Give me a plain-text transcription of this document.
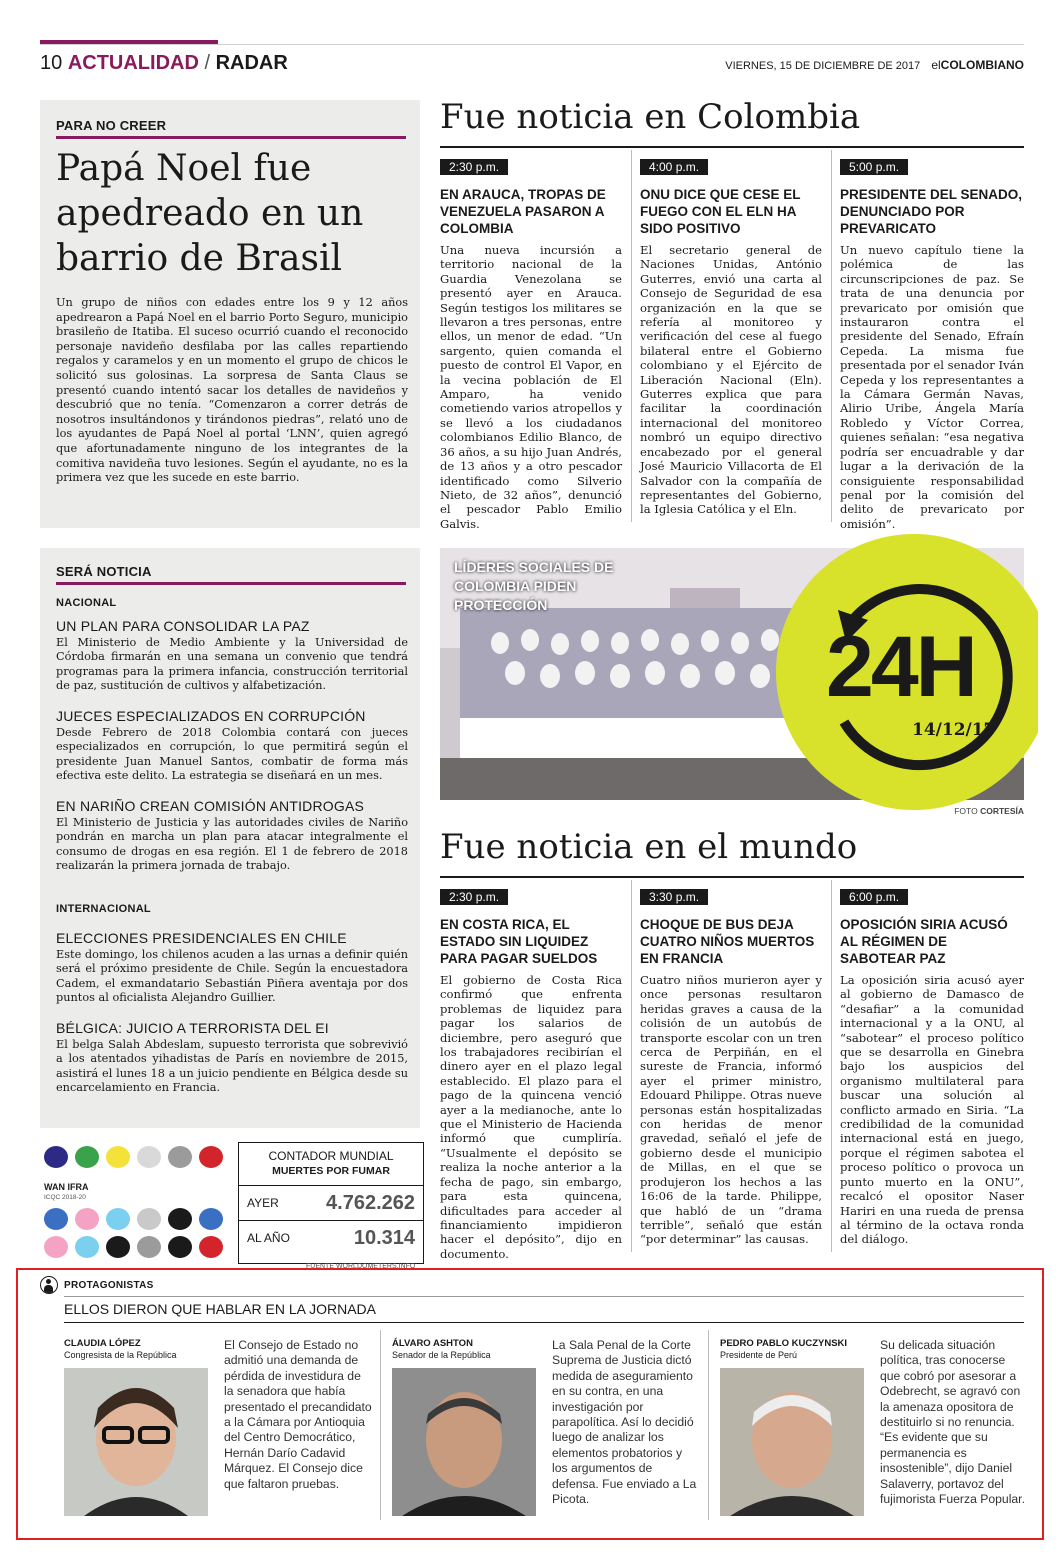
10 ACTUALIDAD / RADAR	VIERNES, 15 DE DICIEMBRE DE 2017 elCOLOMBIANO
PARA NO CREER
Papá Noel fue apedreado en un barrio de Brasil
Un grupo de niños con edades entre los 9 y 12 años apedrearon a Papá Noel en el barrio Porto Seguro, municipio brasileño de Itatiba. El suceso ocurrió cuando el reconocido personaje navideño desfilaba por las calles repartiendo regalos y caramelos y en un momento el grupo de chicos le solicitó sus golosinas. La sorpresa de Santa Claus se presentó cuando intentó sacar los detalles de navideños y descubrió que no tenía. “Comenzaron a correr detrás de nosotros insultándonos y tirándonos piedras”, relató uno de los ayudantes de Papá Noel al portal ‘LNN’, quien agregó que afortunadamente ninguno de los integrantes de la comitiva navideña tuvo lesiones. Según el ayudante, no es la primera vez que les sucede en este barrio.
Fue noticia en Colombia
2:30 p.m.
EN ARAUCA, TROPAS DE VENEZUELA PASARON A COLOMBIA
Una nueva incursión a territorio nacional de la Guardia Venezolana se presentó ayer en Arauca. Según testigos los militares se llevaron a tres personas, entre ellos, un menor de edad. “Un sargento, quien comanda el puesto de control El Vapor, en la vecina población de El Amparo, ha venido cometiendo varios atropellos y se llevó a los ciudadanos colombianos Edilio Blanco, de 36 años, a su hijo Juan Andrés, de 13 años y a otro pescador identificado como Silverio Nieto, de 32 años”, denunció el pescador Pablo Emilio Galvis.
4:00 p.m.
ONU DICE QUE CESE EL FUEGO CON EL ELN HA SIDO POSITIVO
El secretario general de Naciones Unidas, António Guterres, envió una carta al Consejo de Seguridad de esa organización en la que se refería al monitoreo y verificación del cese al fuego bilateral entre el Gobierno colombiano y el Ejército de Liberación Nacional (Eln). Guterres explica que para facilitar la coordinación internacional del monitoreo nombró un equipo directivo encabezado por el general José Mauricio Villacorta de El Salvador con la compañía de representantes del Gobierno, la Iglesia Católica y el Eln.
5:00 p.m.
PRESIDENTE DEL SENADO, DENUNCIADO POR PREVARICATO
Un nuevo capítulo tiene la polémica de las circunscripciones de paz. Se trata de una denuncia por prevaricato por omisión que instauraron contra el presidente del Senado, Efraín Cepeda. La misma fue presentada por el senador Iván Cepeda y los representantes a la Cámara Germán Navas, Alirio Uribe, Ángela María Robledo y Víctor Correa, quienes señalan: “esa negativa podría ser encuadrable y dar lugar a la derivación de la consiguiente responsabilidad penal por la comisión del delito de prevaricato por omisión”.
SERÁ NOTICIA
NACIONAL
UN PLAN PARA CONSOLIDAR LA PAZ
El Ministerio de Medio Ambiente y la Universidad de Córdoba firmarán en una semana un convenio que tendrá programas para la primera infancia, construcción territorial de paz, sustitución de cultivos y alfabetización.
JUECES ESPECIALIZADOS EN CORRUPCIÓN
Desde Febrero de 2018 Colombia contará con jueces especializados en corrupción, lo que permitirá según el presidente Juan Manuel Santos, combatir de forma más efectiva este delito. La estrategia se diseñará en un mes.
EN NARIÑO CREAN COMISIÓN ANTIDROGAS
El Ministerio de Justicia y las autoridades civiles de Nariño pondrán en marcha un plan para atacar integralmente el consumo de drogas en esa región. El 1 de febrero de 2018 realizarán la primera jornada de trabajo.
INTERNACIONAL
ELECCIONES PRESIDENCIALES EN CHILE
Este domingo, los chilenos acuden a las urnas a definir quién será el próximo presidente de Chile. Según la encuestadora Cadem, el exmandatario Sebastián Piñera aventaja por dos puntos al oficialista Alejandro Guillier.
BÉLGICA: JUICIO A TERRORISTA DEL EI
El belga Salah Abdeslam, supuesto terrorista que sobrevivió a los atentados yihadistas de París en noviembre de 2015, asistirá el lunes 18 a un juicio pendiente en Bélgica desde su encarcelamiento en Francia.
LÍDERES SOCIALES DE COLOMBIA PIDEN PROTECCIÓN
24H
14/12/17
FOTO CORTESÍA
Fue noticia en el mundo
2:30 p.m.
EN COSTA RICA, EL ESTADO SIN LIQUIDEZ PARA PAGAR SUELDOS
El gobierno de Costa Rica confirmó que enfrenta problemas de liquidez para pagar los salarios de diciembre, pero aseguró que los trabajadores recibirían el dinero ayer en el plazo legal establecido. El plazo para el pago de la quincena venció ayer a la medianoche, ante lo que el Ministerio de Hacienda informó que cumpliría. “Usualmente el depósito se realiza la noche anterior a la fecha de pago, sin embargo, para esta quincena, dificultades para acceder al financiamiento impidieron hacer el depósito”, dijo en documento.
3:30 p.m.
CHOQUE DE BUS DEJA CUATRO NIÑOS MUERTOS EN FRANCIA
Cuatro niños murieron ayer y once personas resultaron heridas graves a causa de la colisión de un autobús de transporte escolar con un tren cerca de Perpiñán, en el sureste de Francia, informó ayer el primer ministro, Edouard Philippe. Otras nueve personas están hospitalizadas con heridas de menor gravedad, señaló el jefe de gobierno desde el municipio de Millas, en el que se produjeron los hechos a las 16:06 de la tarde. Philippe, que habló de un “drama terrible”, señaló que están “por determinar” las causas.
6:00 p.m.
OPOSICIÓN SIRIA ACUSÓ AL RÉGIMEN DE SABOTEAR PAZ
La oposición siria acusó ayer al gobierno de Damasco de “desafiar” a la comunidad internacional y a la ONU, al “sabotear” el proceso político que se desarrolla en Ginebra bajo los auspicios del organismo multilateral para buscar una solución al conflicto armado en Siria. “La credibilidad de la comunidad internacional está en juego, porque el régimen sabotea el proceso político o provoca un punto muerto en la ONU”, recalcó el opositor Naser Hariri en una rueda de prensa al término de la octava ronda del diálogo.
WAN IFRA
ICQC 2018-20
CONTADOR MUNDIAL
MUERTES POR FUMAR
AYER 4.762.262
AL AÑO	10.314
FUENTE WORLDOMETERS.INFO
PROTAGONISTAS
ELLOS DIERON QUE HABLAR EN LA JORNADA
CLAUDIA LÓPEZ
Congresista de la República
El Consejo de Estado no admitió una demanda de pérdida de investidura de la senadora que había presentado el precandidato a la Cámara por Antioquia del Centro Democrático, Hernán Darío Cadavid Márquez. El Consejo dice que faltaron pruebas.
ÁLVARO ASHTON
Senador de la República
La Sala Penal de la Corte Suprema de Justicia dictó medida de aseguramiento en su contra, en una investigación por parapolítica. Así lo decidió luego de analizar los elementos probatorios y los argumentos de defensa. Fue enviado a La Picota.
PEDRO PABLO KUCZYNSKI
Presidente de Perú
Su delicada situación política, tras conocerse que cobró por asesorar a Odebrecht, se agravó con la amenaza opositora de destituirlo si no renuncia. “Es evidente que su permanencia es insostenible”, dijo Daniel Salaverry, portavoz del fujimorista Fuerza Popular.
